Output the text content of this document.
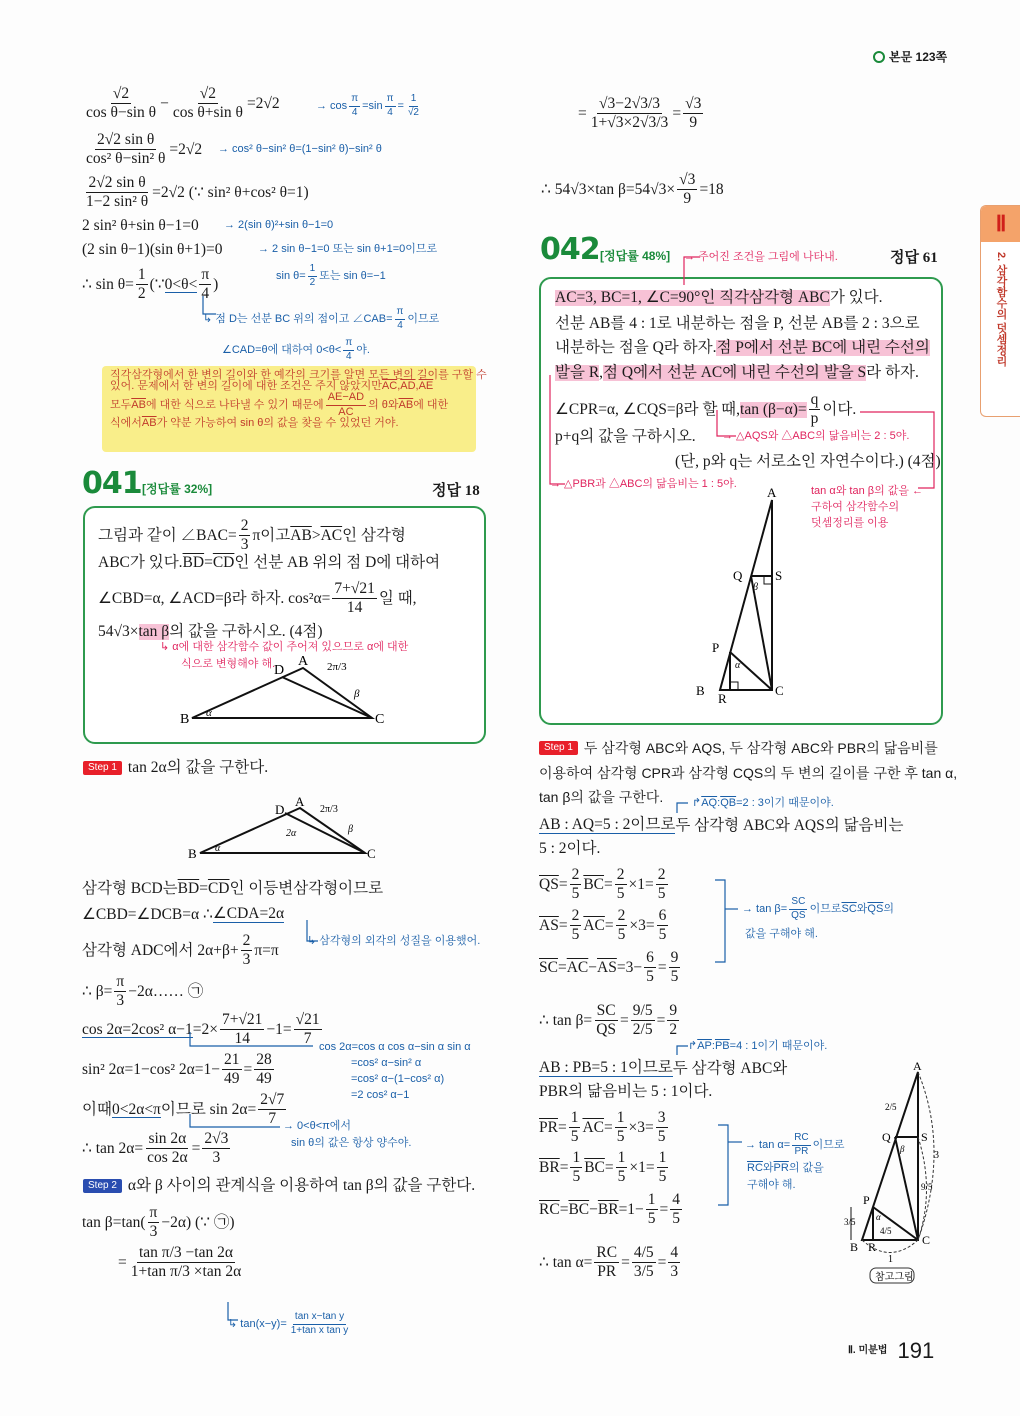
본문 123쪽
Ⅱ
2. 삼각함수의 덧셈정리
$\frac{√2}{\text{cos θ−sin θ}} - \frac{√2}{\text{cos θ+sin θ}} =2√2$	→ $\cos \frac{\pi}{4} =\sin \frac{\pi}{4} = \frac{1}{√2}$
$\frac{\text{2√2 sin θ}}{\text{cos² θ−sin² θ}} =2√2 \to \cos^2$ θ−sin² θ=(1−sin² θ)−sin² θ
$\frac{\text{2√2 sin θ}}{\text{1−2 sin² θ}} =2√2$ (∵ sin² θ+cos² θ=1)
2 sin² θ+sin θ−1=0 → 2(sin θ)²+sin θ−1=0
(2 sin θ−1)(sin θ+1)=0	→ 2 sin θ−1=0 또는 sin θ+1=0이므로
∴ $\sin \theta= \frac{1}{2}$ (∵ $0<\theta< \frac{\pi}{4}$ )
$\sin \theta= \frac{1}{2}$ 또는 sin θ=−1
↳ 점 D는 선분 BC 위의 점이고 ∠CAB= $\frac{\pi}{4}$ 이므로
∠CAD=θ에 대하여 $0<\theta< \frac{\pi}{4}$ 야.
직각삼각형에서 한 변의 길이와 한 예각의 크기를 알면 모든 변의 길이를 구할 수
있어. 문제에서 한 변의 길이에 대한 조건은 주지 않았지만 $\overline{AC}$ , $\overline{AD}$ , $\overline{AE}$
모두 $\overline{AB}$ 에 대한 식으로 나타낼 수 있기 때문에 $\frac{AE-AD}{AC}$ 의 θ와 $\overline{AB}$ 에 대한
식에서 $\overline{AB}$ 가 약분 가능하여 sin θ의 값을 찾을 수 있었던 거야.
041 [정답률 32%]	정답 18
그림과 같이 ∠BAC= $\frac{2}{3}$ π이고 $\overline{AB} > \overline{AC}$ 인 삼각형
ABC가 있다. $\overline{BD} = \overline{CD}$ 인 선분 AB 위의 점 D에 대하여
∠CBD=α, ∠ACD=β라 하자. $\cos^2\alpha= \frac{7+√21}{14}$ 일 때,
54√3× tan β 의 값을 구하시오. (4점)
↳ α에 대한 삼각함수 값이 주어져 있으므로 α에 대한
식으로 변형해야 해.
B	C
A
D	2π/3
α
β
Step 1 tan 2α의 값을 구한다.
B	C
A
D	2π/3
α
2α	β
삼각형 BCD는 $\overline{BD} = \overline{CD}$ 인 이등변삼각형이므로
∠CBD=∠DCB=α ∴ ∠CDA=2α
삼각형 ADC에서 $2\alpha+\beta+ \frac{2}{3} \pi=\pi$
↳ 삼각형의 외각의 성질을 이용했어.
∴ $\beta= \frac{\pi}{3} -2\alpha$ …… ㉠
cos 2α=2cos² $\alpha-1 =2\times \frac{7+√21}{14} -1= \frac{√21}{7}$
cos 2α=cos α cos α−sin α sin α
=cos² α−sin² α
=cos² α−(1−cos² α)
=2 cos² α−1
sin² 2α=1−cos² $2\alpha=1- \frac{21}{49} = \frac{28}{49}$
이때 0<2α<π 이므로 $\sin 2\alpha= \frac{2√7}{7}$
→ 0<θ<π에서
sin θ의 값은 항상 양수야.
∴ $\tan 2\alpha= \frac{\sin 2\alpha}{\cos 2\alpha} = \frac{2√3}{3}$
Step 2 α와 β 사이의 관계식을 이용하여 tan β의 값을 구한다.
$\tan \beta=\tan( \frac{\pi}{3} -2\alpha)$ (∵ ㉠)
= $\frac{\text{tan π/3 −tan 2α}}{\text{1+tan π/3 ×tan 2α}}$
↳ $\tan(x-y)= \frac{\text{tan x−tan y}}{\text{1+tan x tan y}}$
= $\frac{√3-2√3/3}{1+√3\times 2√3/3} = \frac{√3}{9}$
∴ 54√3×tan $\beta=54√3\times \frac{√3}{9} =18$
042 [정답률 48%] → 주어진 조건을 그림에 나타내.	정답 61
AC=3, BC=1, ∠C=90°인 직각삼각형 ABC 가 있다.
선분 AB를 4 : 1로 내분하는 점을 P, 선분 AB를 2 : 3으로
내분하는 점을 Q라 하자. 점 P에서 선분 BC에 내린 수선의
발을 R , 점 Q에서 선분 AC에 내린 수선의 발을 S 라 하자.
∠CPR=α, ∠CQS=β라 할 때, $\tan (\beta-\alpha)= \frac{q}{p}$ 이다.
p+q의 값을 구하시오. → △AQS와 △ABC의 닮음비는 2 : 5야.
(단, p와 q는 서로소인 자연수이다.) (4점)
→ △PBR과 △ABC의 닮음비는 1 : 5야.
tan α와 tan β의 값을 ←
구하여 삼각함수의
덧셈정리를 이용
A
B	C
Q	S
P
R
α
β
Step 1 두 삼각형 ABC와 AQS, 두 삼각형 ABC와 PBR의 닮음비를
이용하여 삼각형 CPR과 삼각형 CQS의 두 변의 길이를 구한 후 tan α,
tan β의 값을 구한다.	↱ $\overline{AQ}$ : $\overline{QB} =2$ : 3이기 때문이야.
AB : AQ=5 : 2이므로 두 삼각형 ABC와 AQS의 닮음비는
5 : 2이다.
$\overline{QS} = \frac{2}{5} \overline{BC} = \frac{2}{5} \times 1= \frac{2}{5}$
$\overline{AS} = \frac{2}{5} \overline{AC} = \frac{2}{5} \times 3= \frac{6}{5}$
$\overline{SC} = \overline{AC} - \overline{AS} =3- \frac{6}{5} = \frac{9}{5}$
→ $\tan \beta= \frac{SC}{QS}$ 이므로 $\overline{SC}$ 와 $\overline{QS}$ 의
값을 구해야 해.
∴ $\tan \beta= \frac{SC}{QS} = \frac{9/5}{2/5} = \frac{9}{2}$
↱ $\overline{AP}$ : $\overline{PB} =4$ : 1이기 때문이야.
AB : PB=5 : 1이므로 두 삼각형 ABC와
PBR의 닮음비는 5 : 1이다.
$\overline{PR} = \frac{1}{5} \overline{AC} = \frac{1}{5} \times 3= \frac{3}{5}$
$\overline{BR} = \frac{1}{5} \overline{BC} = \frac{1}{5} \times 1= \frac{1}{5}$
$\overline{RC} = \overline{BC} - \overline{BR} =1- \frac{1}{5} = \frac{4}{5}$
→ $\tan \alpha= \frac{RC}{PR}$ 이므로
$\overline{RC}$ 와 $\overline{PR}$ 의 값을
구해야 해.
∴ $\tan \alpha= \frac{RC}{PR} = \frac{4/5}{3/5} = \frac{4}{3}$
A
B	C
Q	S
P
R
α
β
2/5
3
9/5
3/5
4/5
1
참고그림
Ⅱ. 미분법 191
